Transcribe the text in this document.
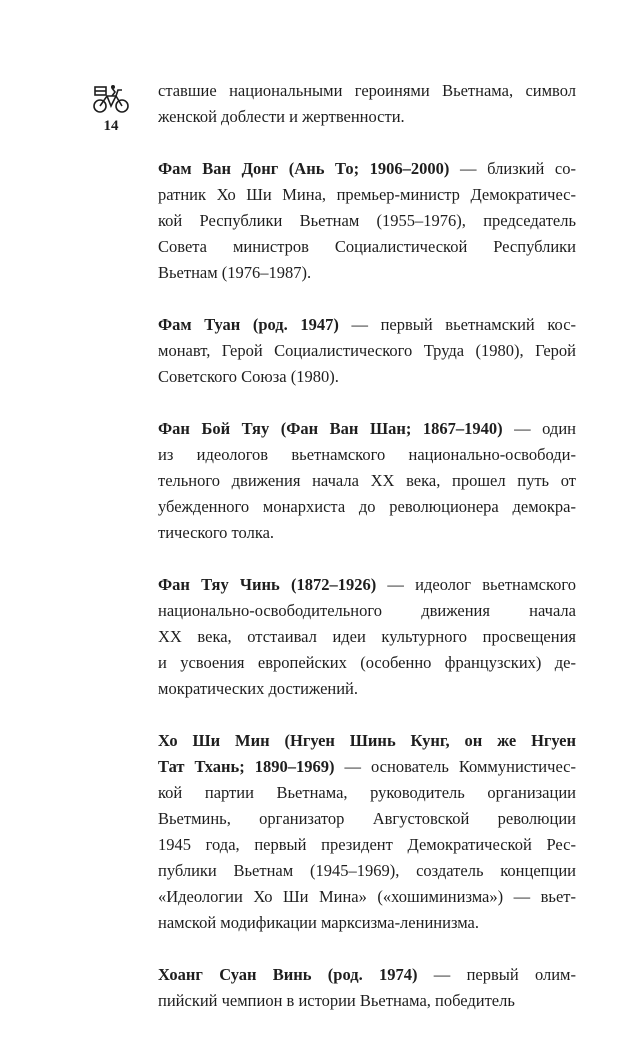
14
ставшие национальными героинями Вьетнама, символ
женской доблести и жертвенности.
Фам Ван Донг (Ань То; 1906–2000) — близкий со-
ратник Хо Ши Мина, премьер-министр Демократичес-
кой Республики Вьетнам (1955–1976), председатель
Совета министров Социалистической Республики
Вьетнам (1976–1987).
Фам Туан (род. 1947) — первый вьетнамский кос-
монавт, Герой Социалистического Труда (1980), Герой
Советского Союза (1980).
Фан Бой Тяу (Фан Ван Шан; 1867–1940) — один
из идеологов вьетнамского национально-освободи-
тельного движения начала XX века, прошел путь от
убежденного монархиста до революционера демокра-
тического толка.
Фан Тяу Чинь (1872–1926) — идеолог вьетнамского
национально-освободительного движения начала
XX века, отстаивал идеи культурного просвещения
и усвоения европейских (особенно французских) де-
мократических достижений.
Хо Ши Мин (Нгуен Шинь Кунг, он же Нгуен
Тат Тхань; 1890–1969) — основатель Коммунистичес-
кой партии Вьетнама, руководитель организации
Вьетминь, организатор Августовской революции
1945 года, первый президент Демократической Рес-
публики Вьетнам (1945–1969), создатель концепции
«Идеологии Хо Ши Мина» («хошиминизма») — вьет-
намской модификации марксизма-ленинизма.
Хоанг Суан Винь (род. 1974) — первый олим-
пийский чемпион в истории Вьетнама, победитель
